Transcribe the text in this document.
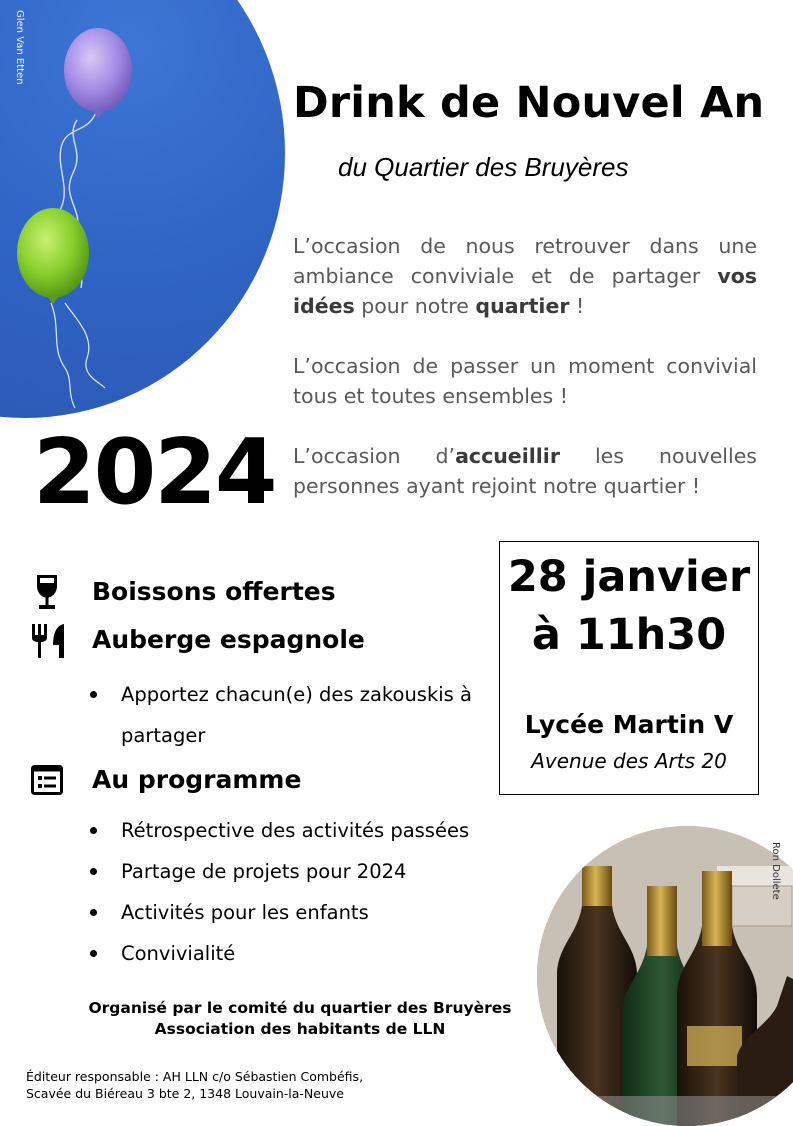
Glen Van Etten
Ron Dollete
Drink de Nouvel An
du Quartier des Bruyères

L’occasion de nous retrouver dans une ambiance conviviale et de partager vos idées pour notre quartier !

L’occasion de passer un moment convivial tous et toutes ensembles !

L’occasion d’accueillir les nouvelles personnes ayant rejoint notre quartier !

2024
28 janvier
à 11h30
Lycée Martin V
Avenue des Arts 20
Boissons offertes
Auberge espagnole
Apportez chacun(e) des zakouskis à partager
Au programme
Rétrospective des activités passées
Partage de projets pour 2024
Activités pour les enfants
Convivialité
Organisé par le comité du quartier des Bruyères
Association des habitants de LLN
Éditeur responsable : AH LLN c/o Sébastien Combéfis,
Scavée du Biéreau 3 bte 2, 1348 Louvain-la-Neuve
